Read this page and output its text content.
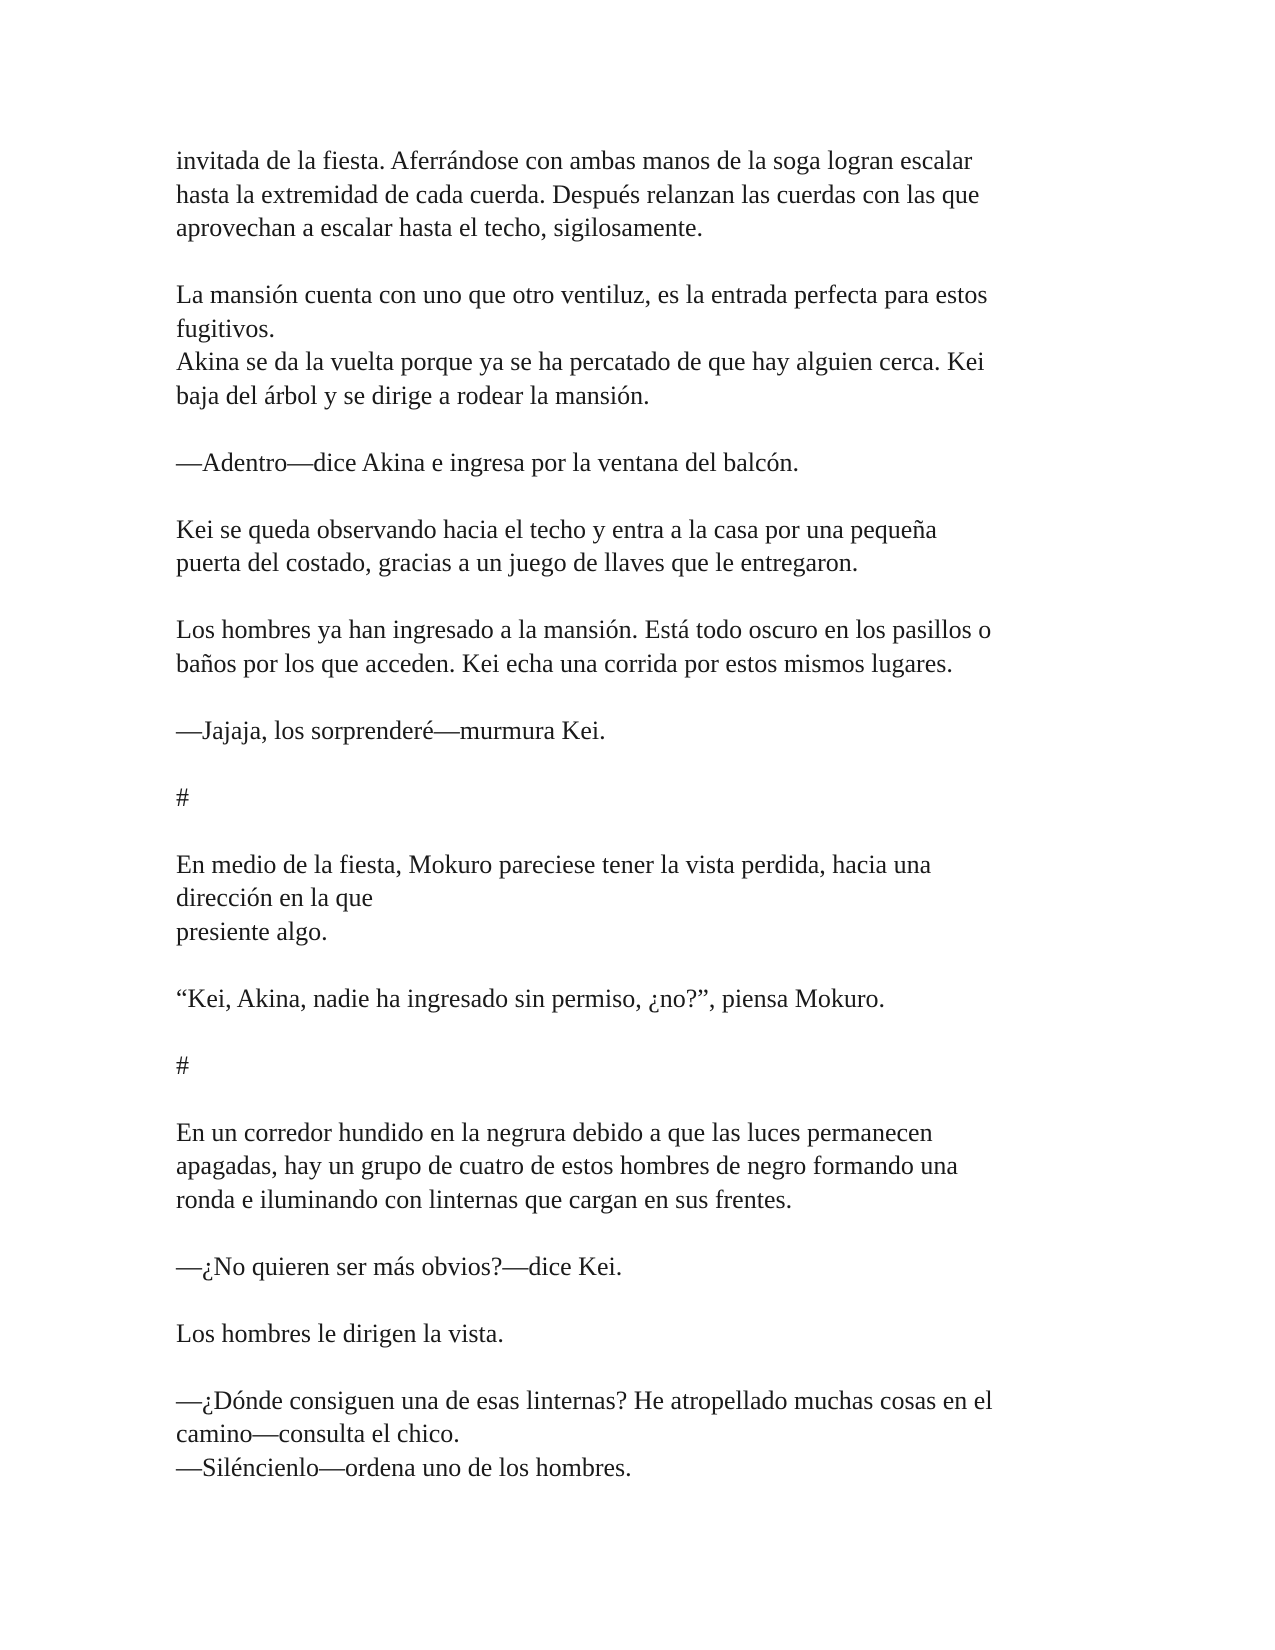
invitada de la fiesta. Aferrándose con ambas manos de la soga logran escalar
hasta la extremidad de cada cuerda. Después relanzan las cuerdas con las que
aprovechan a escalar hasta el techo, sigilosamente.
La mansión cuenta con uno que otro ventiluz, es la entrada perfecta para estos
fugitivos.
Akina se da la vuelta porque ya se ha percatado de que hay alguien cerca. Kei
baja del árbol y se dirige a rodear la mansión.
—Adentro—dice Akina e ingresa por la ventana del balcón.
Kei se queda observando hacia el techo y entra a la casa por una pequeña
puerta del costado, gracias a un juego de llaves que le entregaron.
Los hombres ya han ingresado a la mansión. Está todo oscuro en los pasillos o
baños por los que acceden. Kei echa una corrida por estos mismos lugares.
—Jajaja, los sorprenderé—murmura Kei.
#
En medio de la fiesta, Mokuro pareciese tener la vista perdida, hacia una
dirección en la que
presiente algo.
“Kei, Akina, nadie ha ingresado sin permiso, ¿no?”, piensa Mokuro.
#
En un corredor hundido en la negrura debido a que las luces permanecen
apagadas, hay un grupo de cuatro de estos hombres de negro formando una
ronda e iluminando con linternas que cargan en sus frentes.
—¿No quieren ser más obvios?—dice Kei.
Los hombres le dirigen la vista.
—¿Dónde consiguen una de esas linternas? He atropellado muchas cosas en el
camino—consulta el chico.
—Siléncienlo—ordena uno de los hombres.
